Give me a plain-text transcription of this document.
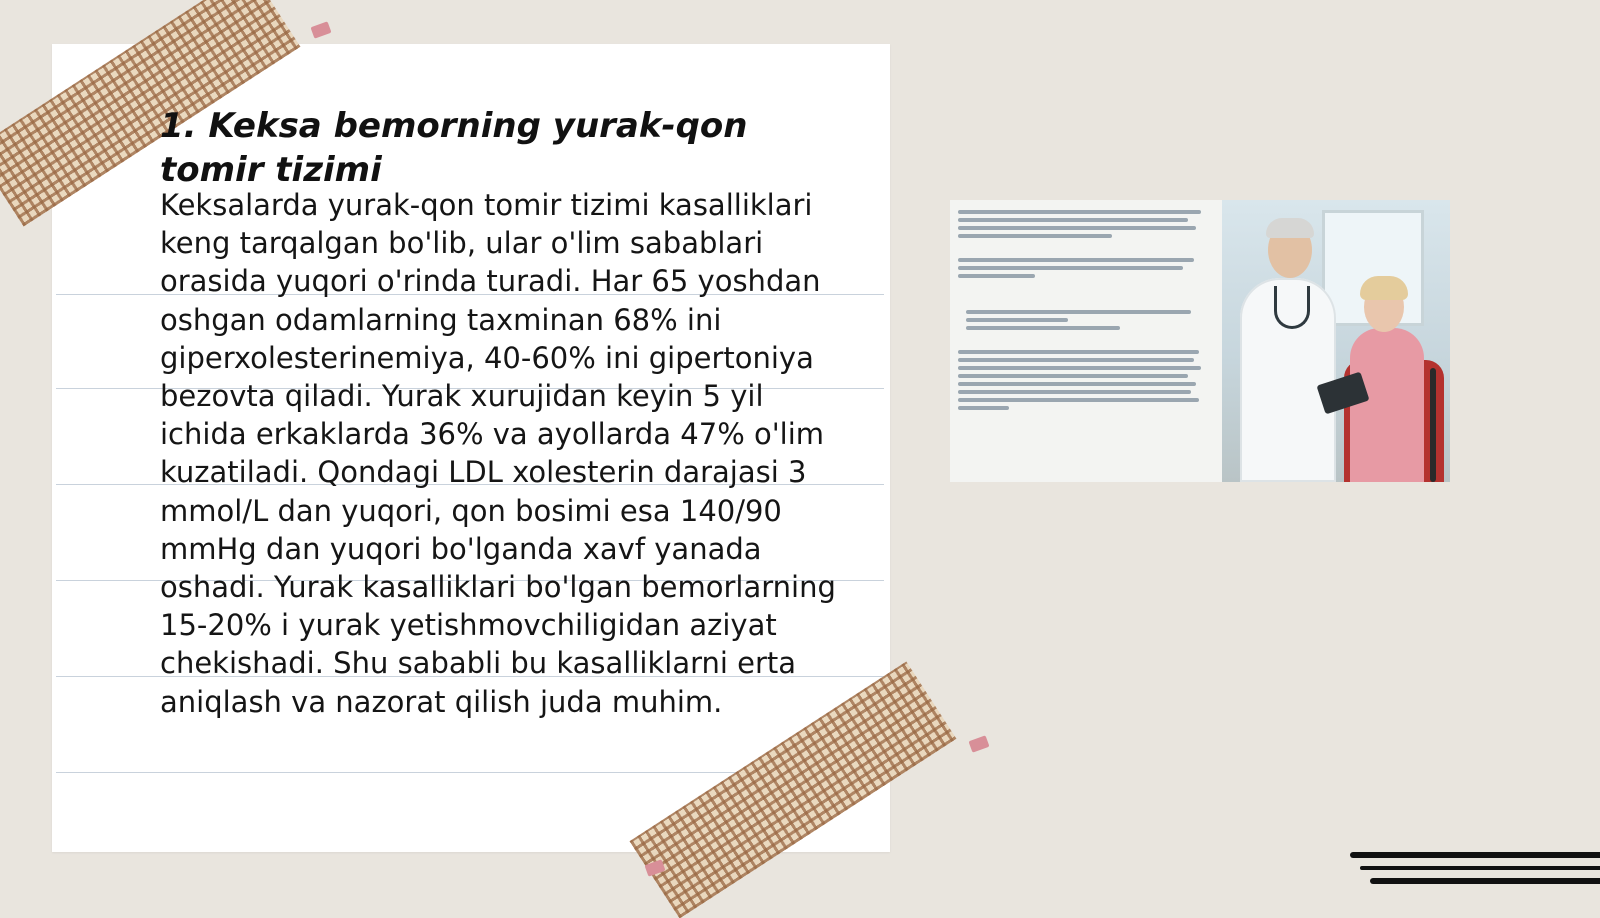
1. Keksa bemorning yurak-qon tomir tizimi

Keksalarda yurak-qon tomir tizimi kasalliklari keng tarqalgan bo'lib, ular o'lim sabablari orasida yuqori o'rinda turadi. Har 65 yoshdan oshgan odamlarning taxminan 68% ini giperxolesterinemiya, 40-60% ini gipertoniya bezovta qiladi. Yurak xurujidan keyin 5 yil ichida erkaklarda 36% va ayollarda 47% o'lim kuzatiladi. Qondagi LDL xolesterin darajasi 3 mmol/L dan yuqori, qon bosimi esa 140/90 mmHg dan yuqori bo'lganda xavf yanada oshadi. Yurak kasalliklari bo'lgan bemorlarning 15-20% i yurak yetishmovchiligidan aziyat chekishadi. Shu sababli bu kasalliklarni erta aniqlash va nazorat qilish juda muhim.
